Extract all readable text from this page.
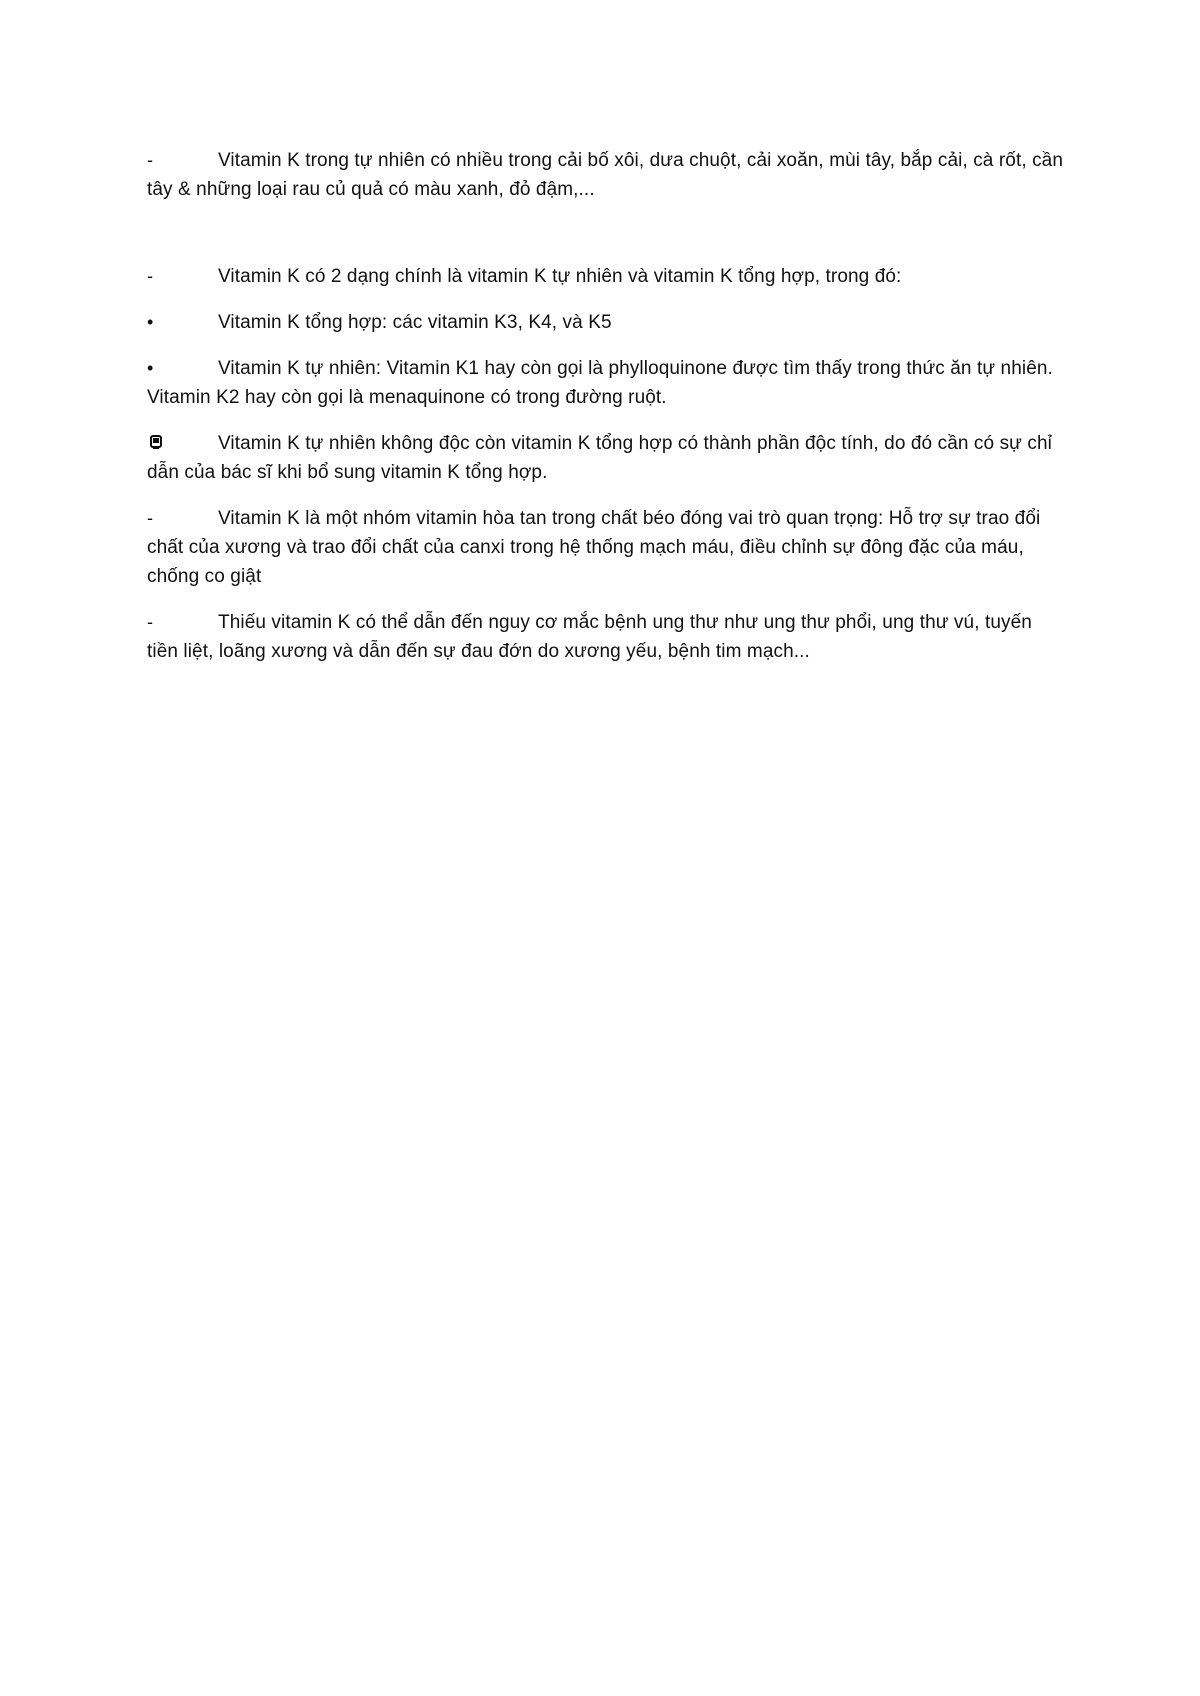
-	Vitamin K trong tự nhiên có nhiều trong cải bố xôi, dưa chuột, cải xoăn, mùi tây, bắp cải, cà rốt, cần tây & những loại rau củ quả có màu xanh, đỏ đậm,...

-	Vitamin K có 2 dạng chính là vitamin K tự nhiên và vitamin K tổng hợp, trong đó:

•	Vitamin K tổng hợp: các vitamin K3, K4, và K5

•	Vitamin K tự nhiên: Vitamin K1 hay còn gọi là phylloquinone được tìm thấy trong thức ăn tự nhiên. Vitamin K2 hay còn gọi là menaquinone có trong đường ruột.

Vitamin K tự nhiên không độc còn vitamin K tổng hợp có thành phần độc tính, do đó cần có sự chỉ dẫn của bác sĩ khi bổ sung vitamin K tổng hợp.

-	Vitamin K là một nhóm vitamin hòa tan trong chất béo đóng vai trò quan trọng: Hỗ trợ sự trao đổi chất của xương và trao đổi chất của canxi trong hệ thống mạch máu, điều chỉnh sự đông đặc của máu, chống co giật

-	Thiếu vitamin K có thể dẫn đến nguy cơ mắc bệnh ung thư như ung thư phổi, ung thư vú, tuyến tiền liệt, loãng xương và dẫn đến sự đau đớn do xương yếu, bệnh tim mạch...
